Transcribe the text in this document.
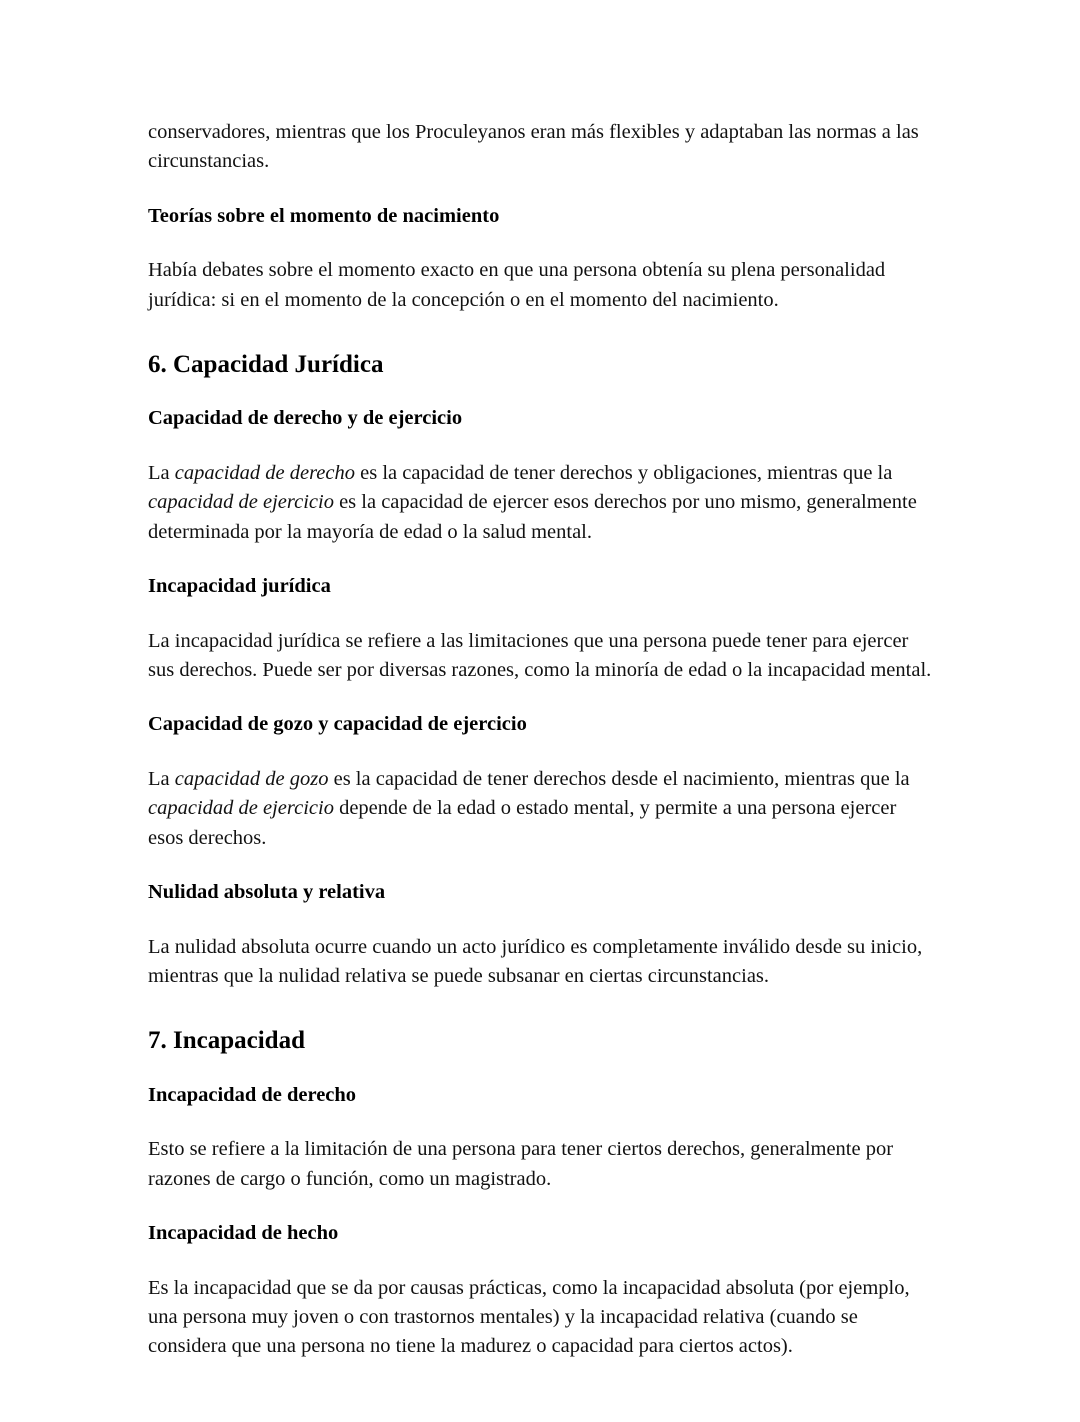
conservadores, mientras que los Proculeyanos eran más flexibles y adaptaban las normas a las circunstancias.

Teorías sobre el momento de nacimiento

Había debates sobre el momento exacto en que una persona obtenía su plena personalidad jurídica: si en el momento de la concepción o en el momento del nacimiento.

6. Capacidad Jurídica
Capacidad de derecho y de ejercicio

La capacidad de derecho es la capacidad de tener derechos y obligaciones, mientras que la capacidad de ejercicio es la capacidad de ejercer esos derechos por uno mismo, generalmente determinada por la mayoría de edad o la salud mental.

Incapacidad jurídica

La incapacidad jurídica se refiere a las limitaciones que una persona puede tener para ejercer sus derechos. Puede ser por diversas razones, como la minoría de edad o la incapacidad mental.

Capacidad de gozo y capacidad de ejercicio

La capacidad de gozo es la capacidad de tener derechos desde el nacimiento, mientras que la capacidad de ejercicio depende de la edad o estado mental, y permite a una persona ejercer esos derechos.

Nulidad absoluta y relativa

La nulidad absoluta ocurre cuando un acto jurídico es completamente inválido desde su inicio, mientras que la nulidad relativa se puede subsanar en ciertas circunstancias.

7. Incapacidad
Incapacidad de derecho

Esto se refiere a la limitación de una persona para tener ciertos derechos, generalmente por razones de cargo o función, como un magistrado.

Incapacidad de hecho

Es la incapacidad que se da por causas prácticas, como la incapacidad absoluta (por ejemplo, una persona muy joven o con trastornos mentales) y la incapacidad relativa (cuando se considera que una persona no tiene la madurez o capacidad para ciertos actos).
